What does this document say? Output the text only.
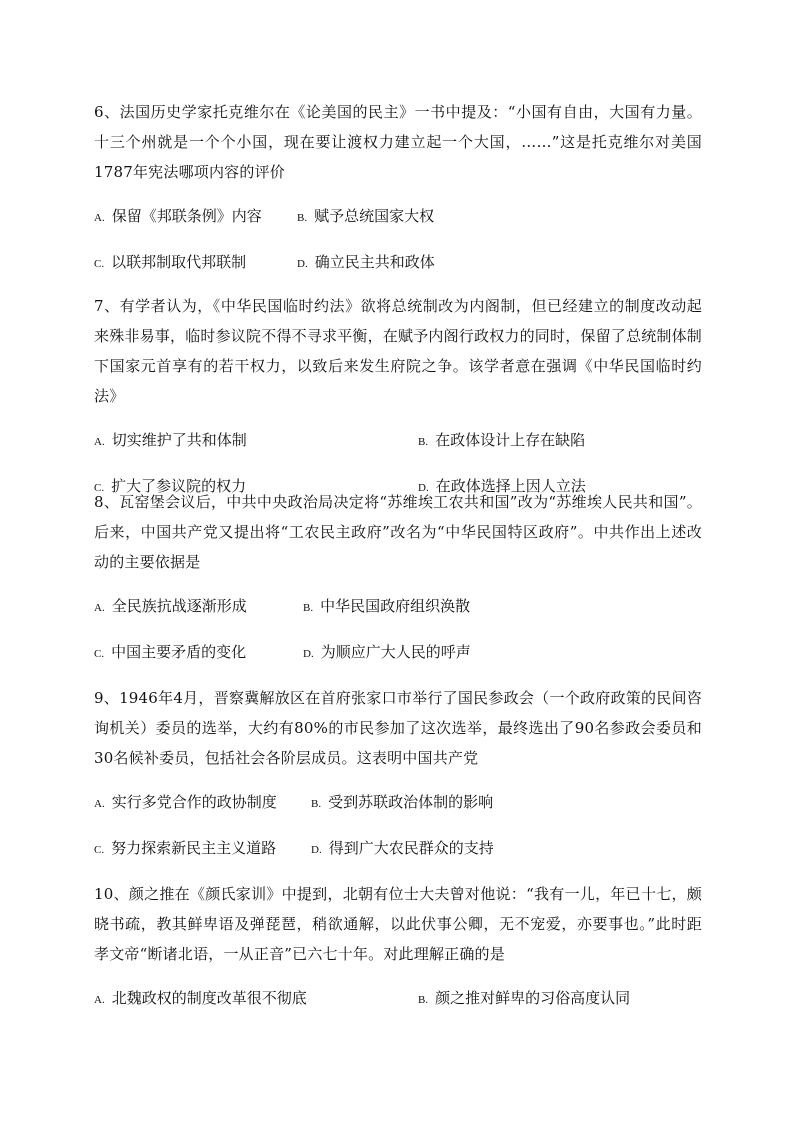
6、法国历史学家托克维尔在《论美国的民主》一书中提及：“小国有自由，大国有力量。十三个州就是一个个小国，现在要让渡权力建立起一个大国，……”这是托克维尔对美国1787年宪法哪项内容的评价

A. 保留《邦联条例》内容	B. 赋予总统国家大权
C. 以联邦制取代邦联制	D. 确立民主共和政体

7、有学者认为，《中华民国临时约法》欲将总统制改为内阁制，但已经建立的制度改动起来殊非易事，临时参议院不得不寻求平衡，在赋予内阁行政权力的同时，保留了总统制体制下国家元首享有的若干权力，以致后来发生府院之争。该学者意在强调《中华民国临时约法》

A. 切实维护了共和体制	B. 在政体设计上存在缺陷
C. 扩大了参议院的权力	D. 在政体选择上因人立法

8、瓦窑堡会议后，中共中央政治局决定将“苏维埃工农共和国”改为“苏维埃人民共和国”。后来，中国共产党又提出将“工农民主政府”改名为“中华民国特区政府”。中共作出上述改动的主要依据是

A. 全民族抗战逐渐形成	B. 中华民国政府组织涣散
C. 中国主要矛盾的变化	D. 为顺应广大人民的呼声

9、1946年4月，晋察冀解放区在首府张家口市举行了国民参政会（一个政府政策的民间咨询机关）委员的选举，大约有80%的市民参加了这次选举，最终选出了90名参政会委员和30名候补委员，包括社会各阶层成员。这表明中国共产党

A. 实行多党合作的政协制度	B. 受到苏联政治体制的影响
C. 努力探索新民主主义道路	D. 得到广大农民群众的支持

10、颜之推在《颜氏家训》中提到，北朝有位士大夫曾对他说：“我有一儿，年已十七，颇晓书疏，教其鲜卑语及弹琵琶，稍欲通解，以此伏事公卿，无不宠爱，亦要事也。”此时距孝文帝“断诸北语，一从正音”已六七十年。对此理解正确的是

A. 北魏政权的制度改革很不彻底	B. 颜之推对鲜卑的习俗高度认同
